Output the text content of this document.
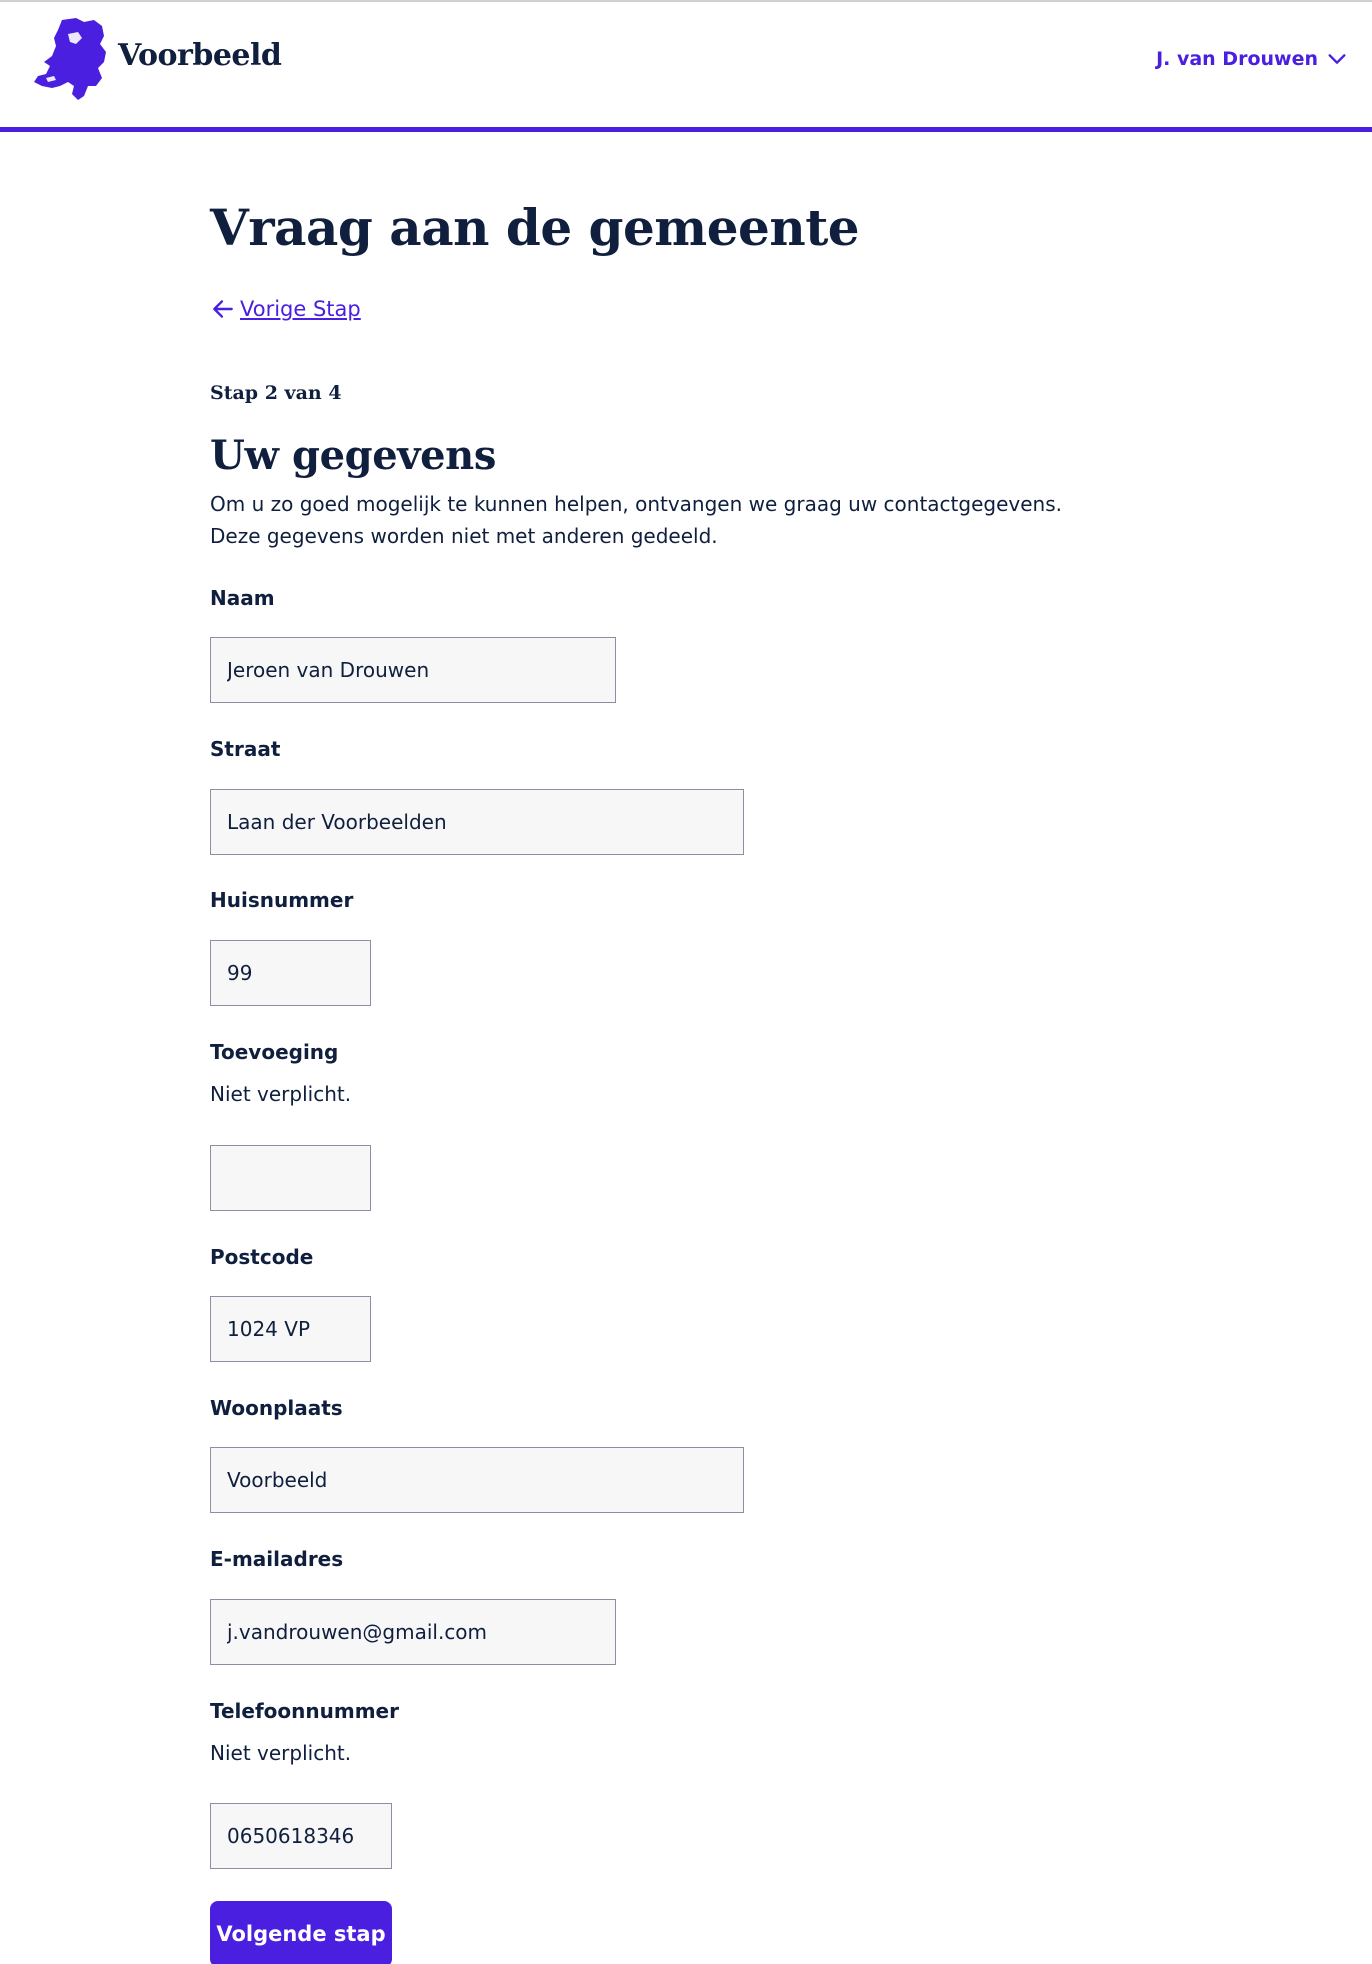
Voorbeeld	J. van Drouwen
Vraag aan de gemeente
Vorige Stap
Stap 2 van 4
Uw gegevens

Om u zo goed mogelijk te kunnen helpen, ontvangen we graag uw contactgegevens. Deze gegevens worden niet met anderen gedeeld.

Naam
Jeroen van Drouwen
Straat
Laan der Voorbeelden
Huisnummer
99
Toevoeging
Niet verplicht.
Postcode
1024 VP
Woonplaats
Voorbeeld
E-mailadres
j.vandrouwen@gmail.com
Telefoonnummer
Niet verplicht.
0650618346
Volgende stap
